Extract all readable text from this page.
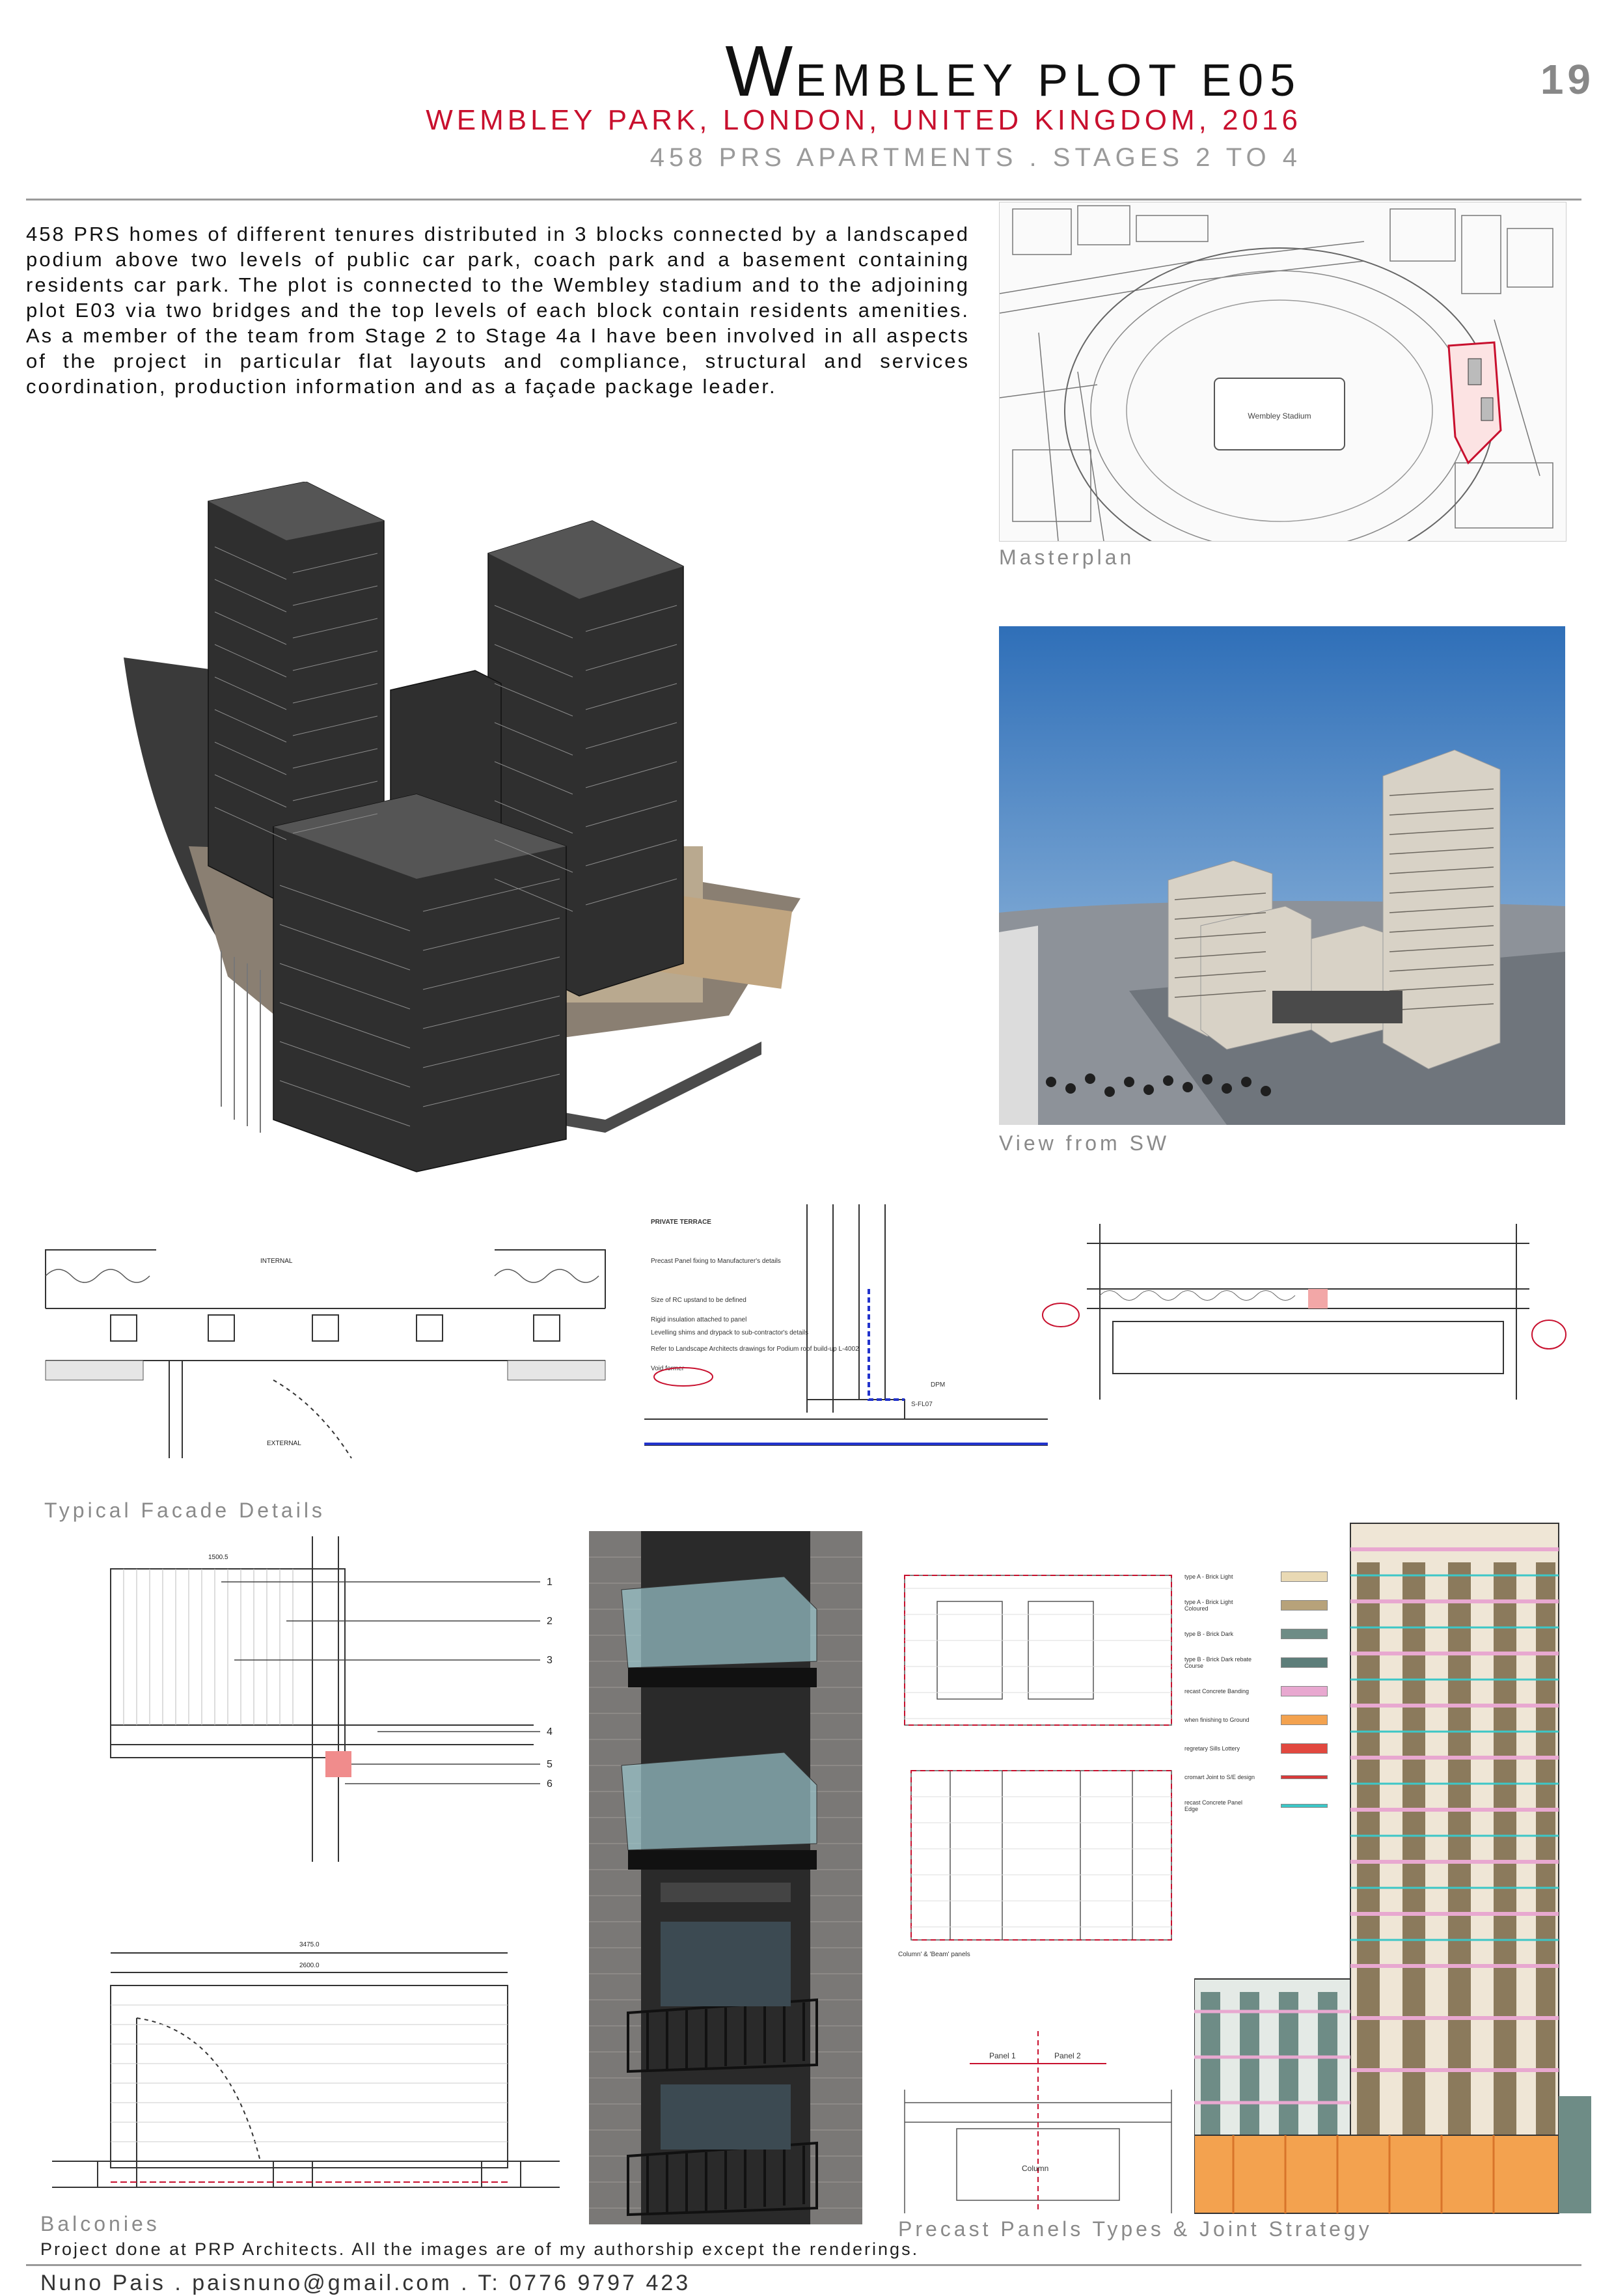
WEMBLEY PLOT E05	19
WEMBLEY PARK, LONDON, UNITED KINGDOM, 2016
458 PRS APARTMENTS . STAGES 2 TO 4
458 PRS homes of different tenures distributed in 3 blocks connected by a landscaped podium above two levels of public car park, coach park and a basement containing residents car park. The plot is connected to the Wembley stadium and to the adjoining plot E03 via two bridges and the top levels of each block contain residents amenities. As a member of the team from Stage 2 to Stage 4a I have been involved in all aspects of the project in particular flat layouts and compliance, structural and services coordination, production information and as a façade package leader.
Wembley Stadium
Masterplan
View from SW
INTERNAL
EXTERNAL
PRIVATE TERRACE
Precast Panel fixing to Manufacturer's details
Size of RC upstand to be defined
Rigid insulation attached to panel
Levelling shims and drypack to sub-contractor's details
Refer to Landscape Architects drawings for Podium roof build-up L-4002
Void former
DPM
S-FL07
Typical Facade Details
1
2
3
4
5
6
1500.5
3475.0
2600.0
Balconies
Column' & 'Beam' panels
Panel 1	Panel 2
Column
type A - Brick Light
type A - Brick Light Coloured
type B - Brick Dark
type B - Brick Dark rebate Course
recast Concrete Banding
when finishing to Ground
regretary Sills Lottery
cromart Joint to S/E design
recast Concrete Panel Edge
Precast Panels Types & Joint Strategy
Project done at PRP Architects. All the images are of my authorship except the renderings.
Nuno Pais . paisnuno@gmail.com . T: 0776 9797 423
